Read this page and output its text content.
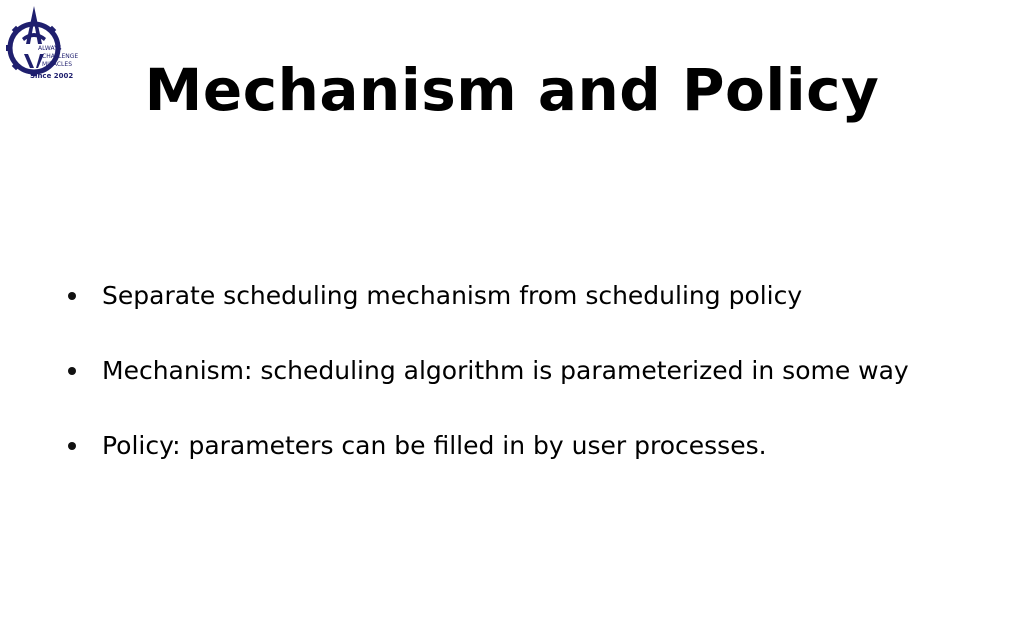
ALWAYS
CHALLENGE
MIRACLES
Since 2002	Mechanism and Policy
Separate scheduling mechanism from scheduling policy
Mechanism: scheduling algorithm is parameterized in some way
Policy: parameters can be filled in by user processes.
